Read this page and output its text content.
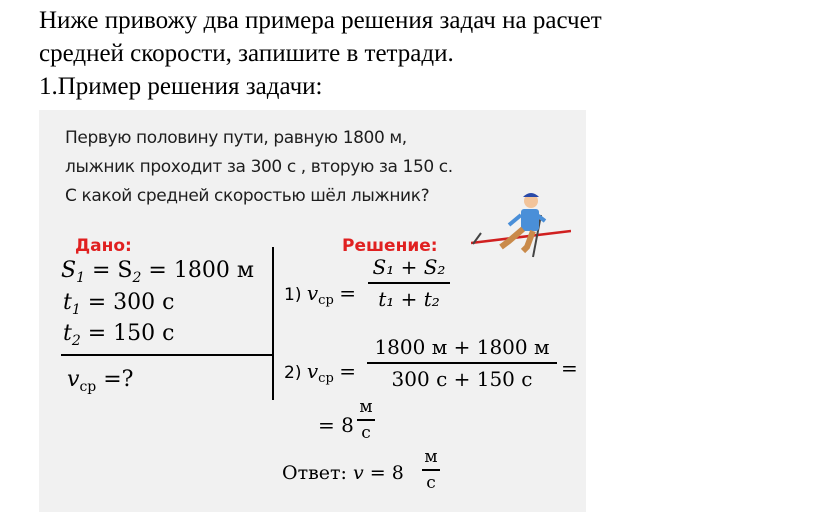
Ниже привожу два примера решения задач на расчет
средней скорости, запишите в тетради.
1.Пример решения задачи:
Первую половину пути, равную 1800 м,
лыжник проходит за 300 с , вторую за 150 с.
С какой средней скоростью шёл лыжник?
Дано:	Решение:
$S_1 = S_2 = 1800$ м
$t_1 = 300$ с
$t_2 = 150$ с
$v_{ср}$ =?
1) $v_{ср}$ =
S₁ + S₂
t₁ + t₂
2) $v_{ср}$ =
1800 м + 1800 м
300 с + 150 с	=
= 8
м
с
Ответ: v = 8
м
с
